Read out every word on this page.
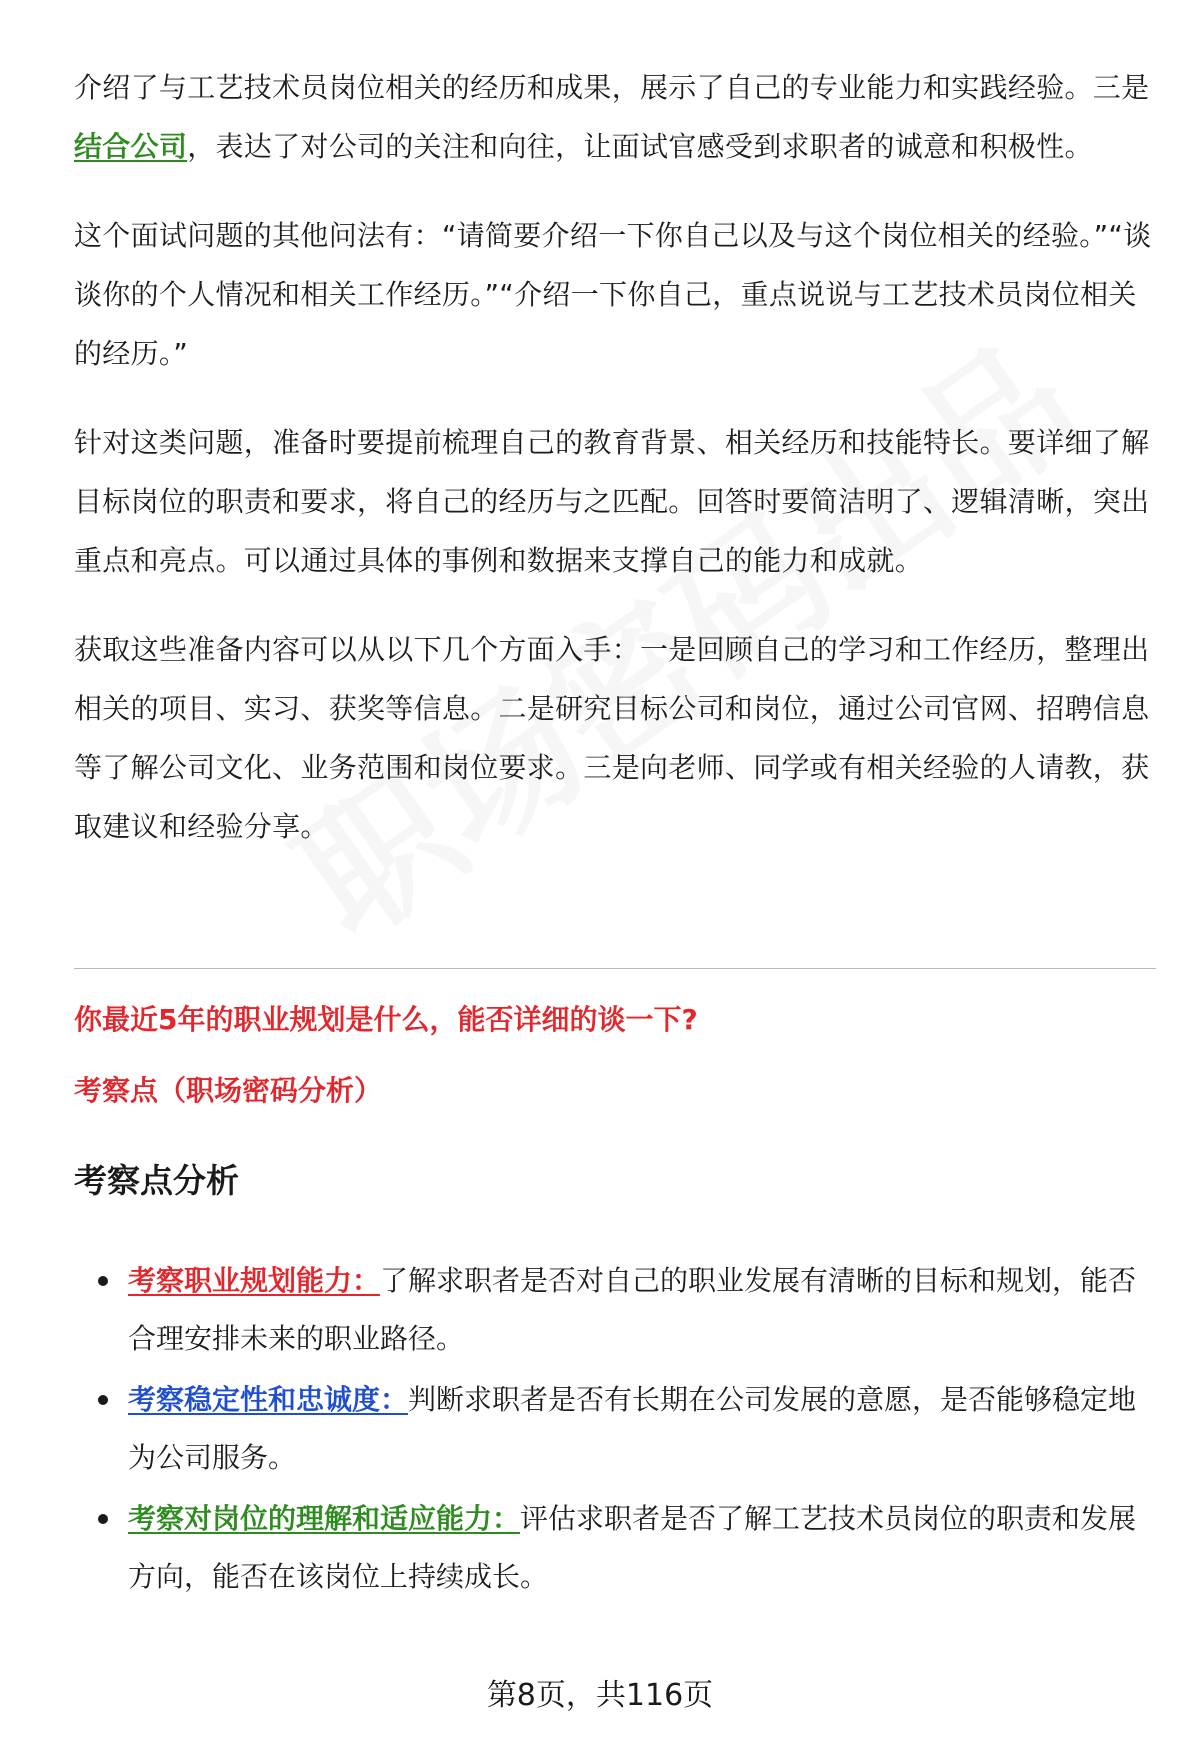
介绍了与工艺技术员岗位相关的经历和成果，展示了自己的专业能力和实践经验。三是结合公司，表达了对公司的关注和向往，让面试官感受到求职者的诚意和积极性。

这个面试问题的其他问法有：“请简要介绍一下你自己以及与这个岗位相关的经验。”“谈谈你的个人情况和相关工作经历。”“介绍一下你自己，重点说说与工艺技术员岗位相关的经历。”

针对这类问题，准备时要提前梳理自己的教育背景、相关经历和技能特长。要详细了解目标岗位的职责和要求，将自己的经历与之匹配。回答时要简洁明了、逻辑清晰，突出重点和亮点。可以通过具体的事例和数据来支撑自己的能力和成就。

获取这些准备内容可以从以下几个方面入手：一是回顾自己的学习和工作经历，整理出相关的项目、实习、获奖等信息。二是研究目标公司和岗位，通过公司官网、招聘信息等了解公司文化、业务范围和岗位要求。三是向老师、同学或有相关经验的人请教，获取建议和经验分享。

你最近5年的职业规划是什么，能否详细的谈一下?
考察点（职场密码分析）
考察点分析
考察职业规划能力：了解求职者是否对自己的职业发展有清晰的目标和规划，能否合理安排未来的职业路径。
考察稳定性和忠诚度：判断求职者是否有长期在公司发展的意愿，是否能够稳定地为公司服务。
考察对岗位的理解和适应能力：评估求职者是否了解工艺技术员岗位的职责和发展方向，能否在该岗位上持续成长。
第8页，共116页
